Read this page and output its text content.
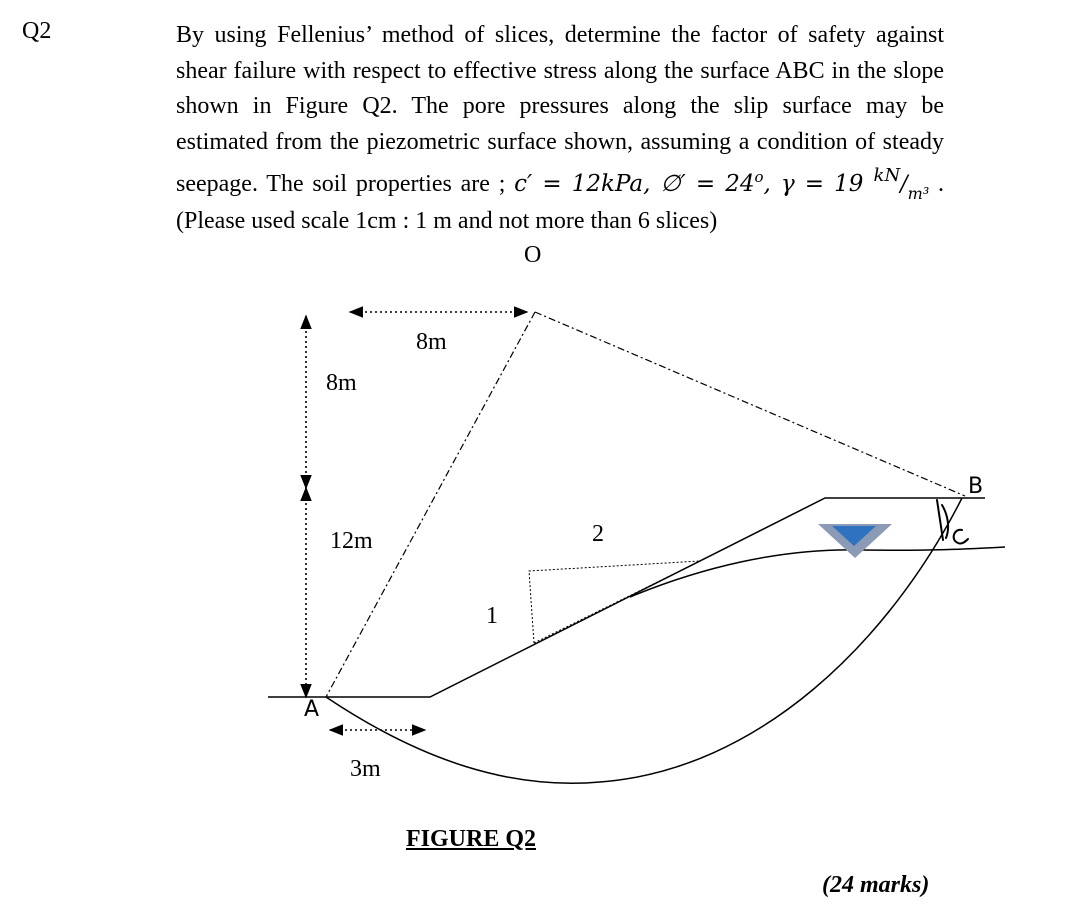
Q2	By using Fellenius’ method of slices, determine the factor of safety against shear failure with respect to effective stress along the surface ABC in the slope shown in Figure Q2. The pore pressures along the slip surface may be estimated from the piezometric surface shown, assuming a condition of steady seepage. The soil properties are ; c′ = 12kPa, ∅′ = $24^o$, γ = 19 $^{kN}/_{m^3}$ . (Please used scale 1cm : 1 m and not more than 6 slices)
O
A
B
8m
8m
12m
3m
1
2
FIGURE Q2
(24 marks)
